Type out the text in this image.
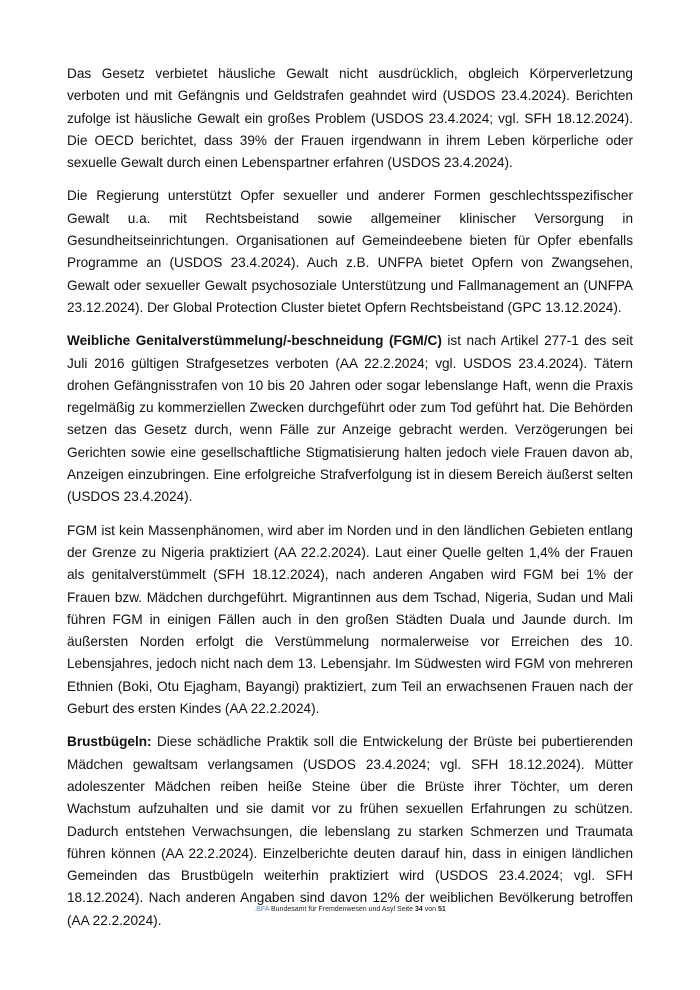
Das Gesetz verbietet häusliche Gewalt nicht ausdrücklich, obgleich Körperverletzung verboten und mit Gefängnis und Geldstrafen geahndet wird (USDOS 23.4.2024). Berichten zufolge ist häusliche Gewalt ein großes Problem (USDOS 23.4.2024; vgl. SFH 18.12.2024). Die OECD berichtet, dass 39% der Frauen irgendwann in ihrem Leben körperliche oder sexuelle Gewalt durch einen Lebenspartner erfahren (USDOS 23.4.2024).

Die Regierung unterstützt Opfer sexueller und anderer Formen geschlechtsspezifischer Gewalt u.a. mit Rechtsbeistand sowie allgemeiner klinischer Versorgung in Gesundheitseinrichtungen. Organisationen auf Gemeindeebene bieten für Opfer ebenfalls Programme an (USDOS 23.4.2024). Auch z.B. UNFPA bietet Opfern von Zwangsehen, Gewalt oder sexueller Gewalt psychosoziale Unterstützung und Fallmanagement an (UNFPA 23.12.2024). Der Global Protection Cluster bietet Opfern Rechtsbeistand (GPC 13.12.2024).

Weibliche Genitalverstümmelung/-beschneidung (FGM/C) ist nach Artikel 277-1 des seit Juli 2016 gültigen Strafgesetzes verboten (AA 22.2.2024; vgl. USDOS 23.4.2024). Tätern drohen Gefängnisstrafen von 10 bis 20 Jahren oder sogar lebenslange Haft, wenn die Praxis regelmäßig zu kommerziellen Zwecken durchgeführt oder zum Tod geführt hat. Die Behörden setzen das Gesetz durch, wenn Fälle zur Anzeige gebracht werden. Verzögerungen bei Gerichten sowie eine gesellschaftliche Stigmatisierung halten jedoch viele Frauen davon ab, Anzeigen einzubringen. Eine erfolgreiche Strafverfolgung ist in diesem Bereich äußerst selten (USDOS 23.4.2024).

FGM ist kein Massenphänomen, wird aber im Norden und in den ländlichen Gebieten entlang der Grenze zu Nigeria praktiziert (AA 22.2.2024). Laut einer Quelle gelten 1,4% der Frauen als genitalverstümmelt (SFH 18.12.2024), nach anderen Angaben wird FGM bei 1% der Frauen bzw. Mädchen durchgeführt. Migrantinnen aus dem Tschad, Nigeria, Sudan und Mali führen FGM in einigen Fällen auch in den großen Städten Duala und Jaunde durch. Im äußersten Norden erfolgt die Verstümmelung normalerweise vor Erreichen des 10. Lebensjahres, jedoch nicht nach dem 13. Lebensjahr. Im Südwesten wird FGM von mehreren Ethnien (Boki, Otu Ejagham, Bayangi) praktiziert, zum Teil an erwachsenen Frauen nach der Geburt des ersten Kindes (AA 22.2.2024).

Brustbügeln: Diese schädliche Praktik soll die Entwickelung der Brüste bei pubertierenden Mädchen gewaltsam verlangsamen (USDOS 23.4.2024; vgl. SFH 18.12.2024). Mütter adoleszenter Mädchen reiben heiße Steine über die Brüste ihrer Töchter, um deren Wachstum aufzuhalten und sie damit vor zu frühen sexuellen Erfahrungen zu schützen. Dadurch entstehen Verwachsungen, die lebenslang zu starken Schmerzen und Traumata führen können (AA 22.2.2024). Einzelberichte deuten darauf hin, dass in einigen ländlichen Gemeinden das Brustbügeln weiterhin praktiziert wird (USDOS 23.4.2024; vgl. SFH 18.12.2024). Nach anderen Angaben sind davon 12% der weiblichen Bevölkerung betroffen (AA 22.2.2024).

.BFA Bundesamt für Fremdenwesen und Asyl Seite 34 von 51
